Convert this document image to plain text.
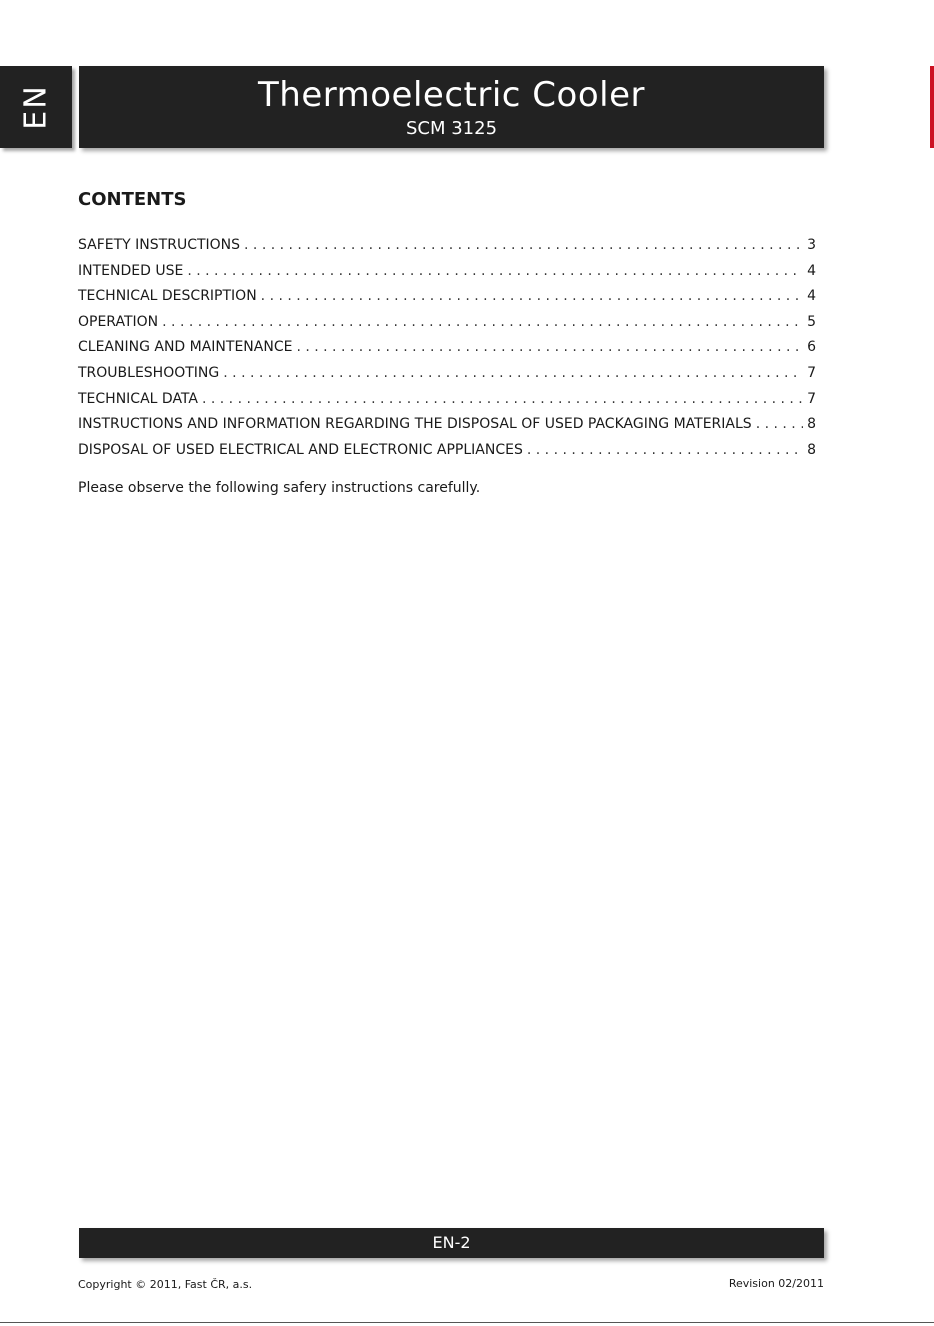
EN	Thermoelectric Cooler
SCM 3125
CONTENTS
SAFETY INSTRUCTIONS . . .	3
INTENDED USE . . .	4
TECHNICAL DESCRIPTION . . .	4
OPERATION . . .	5
CLEANING AND MAINTENANCE . . .	6
TROUBLESHOOTING . . .	7
TECHNICAL DATA . . .	7
INSTRUCTIONS AND INFORMATION REGARDING THE DISPOSAL OF USED PACKAGING MATERIALS . . .	8
DISPOSAL OF USED ELECTRICAL AND ELECTRONIC APPLIANCES . . .	8
Please observe the following safery instructions carefully.
EN-2
Copyright © 2011, Fast ČR, a.s.	Revision 02/2011
